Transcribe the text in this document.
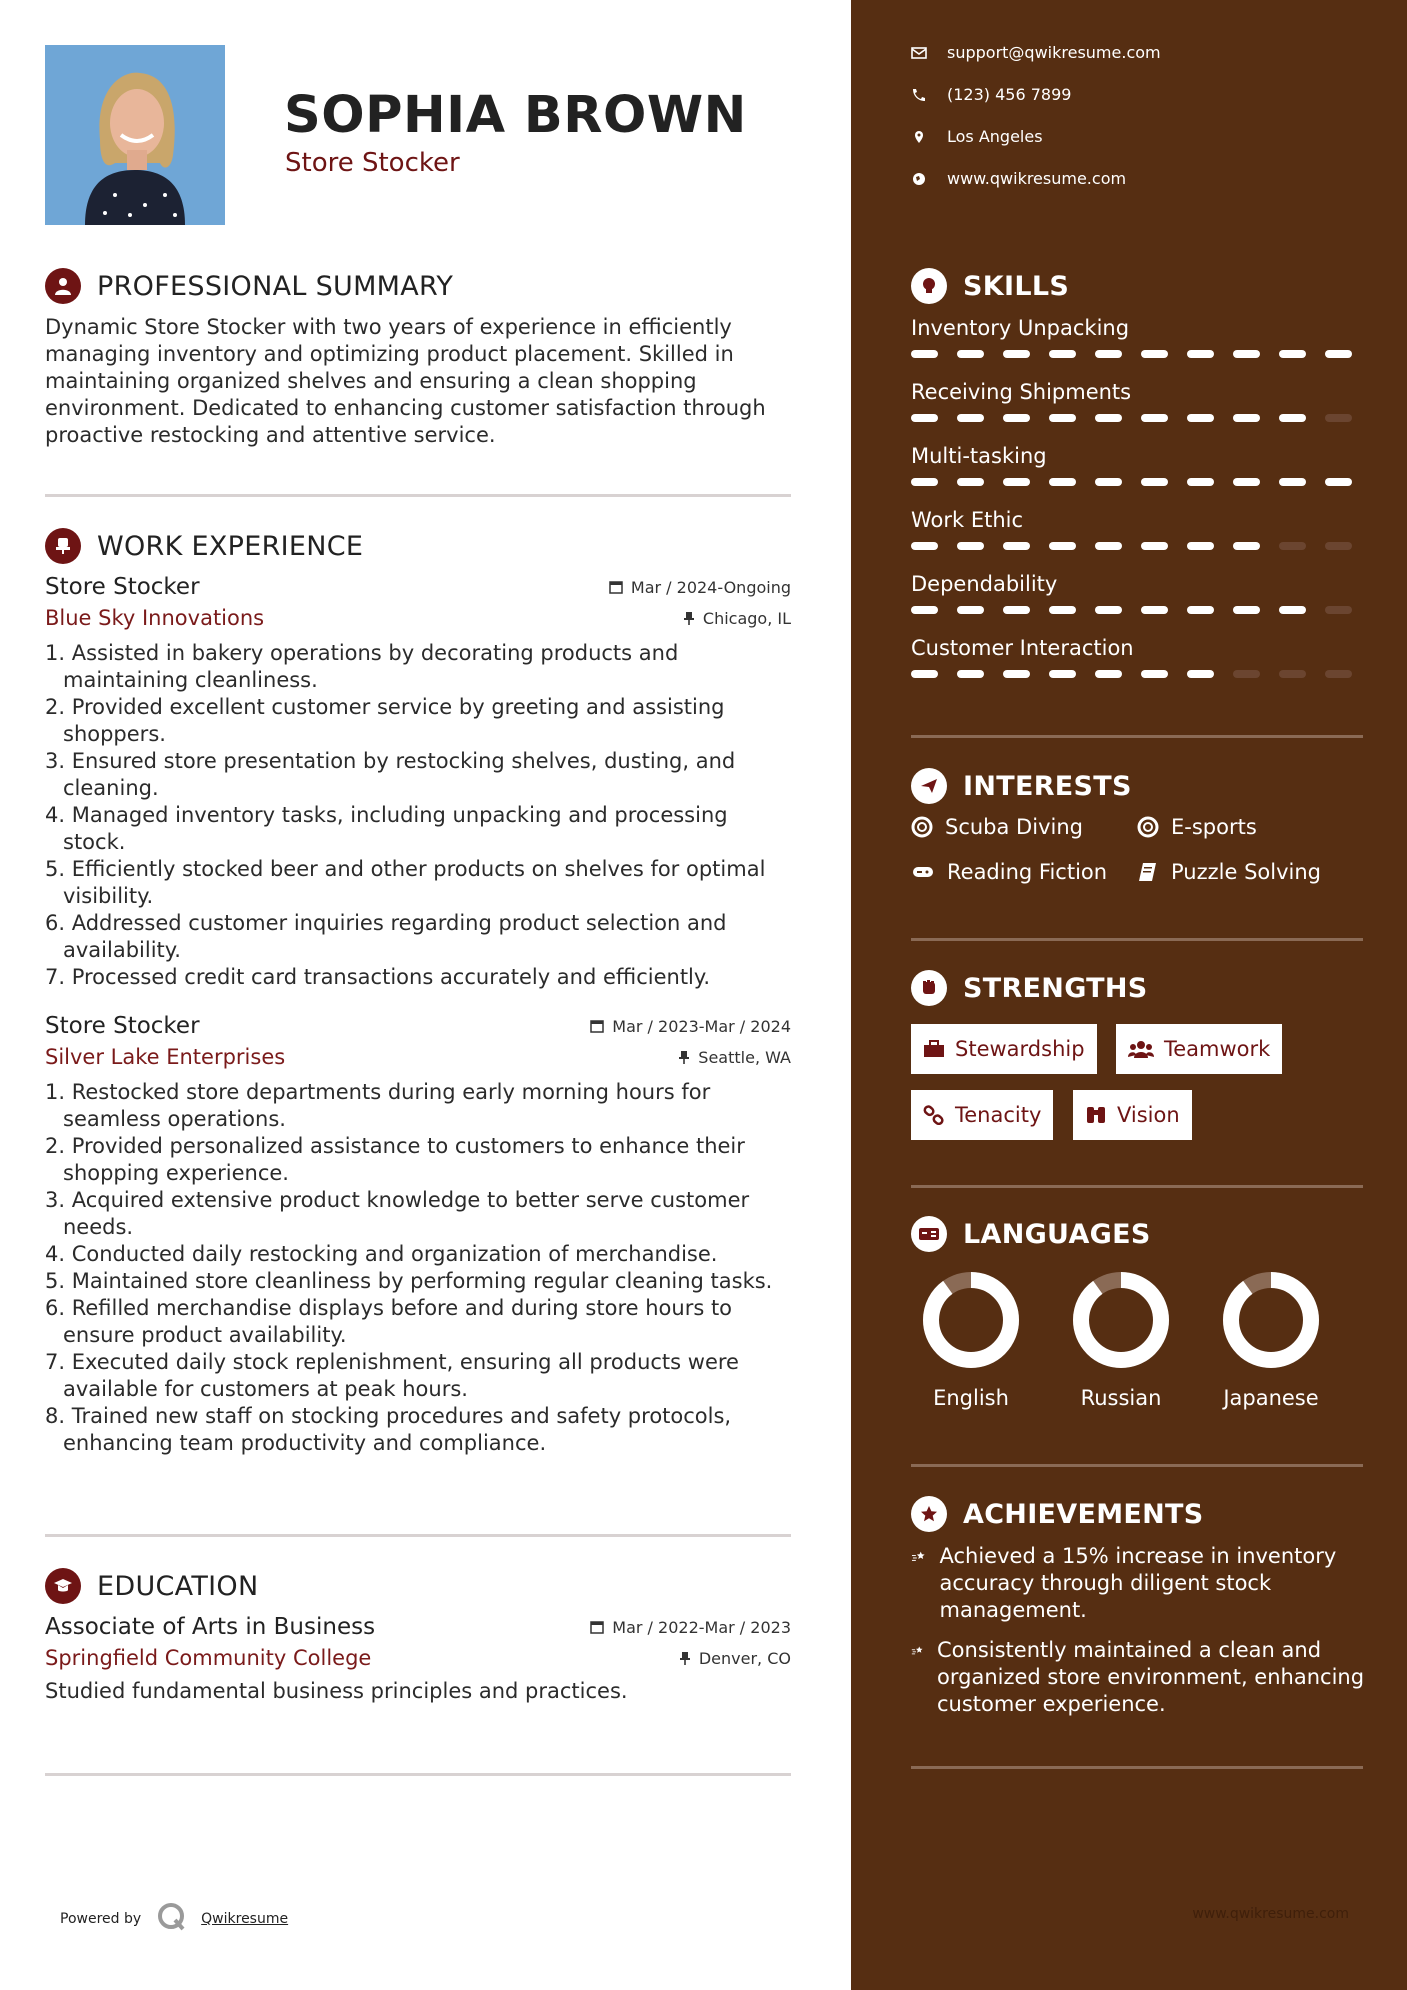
SOPHIA BROWN
Store Stocker
PROFESSIONAL SUMMARY

Dynamic Store Stocker with two years of experience in efficiently managing inventory and optimizing product placement. Skilled in maintaining organized shelves and ensuring a clean shopping environment. Dedicated to enhancing customer satisfaction through proactive restocking and attentive service.

WORK EXPERIENCE
Store Stocker	Mar / 2024-Ongoing
Blue Sky Innovations	Chicago, IL
1. Assisted in bakery operations by decorating products and maintaining cleanliness.
2. Provided excellent customer service by greeting and assisting shoppers.
3. Ensured store presentation by restocking shelves, dusting, and cleaning.
4. Managed inventory tasks, including unpacking and processing stock.
5. Efficiently stocked beer and other products on shelves for optimal visibility.
6. Addressed customer inquiries regarding product selection and availability.
7. Processed credit card transactions accurately and efficiently.
Store Stocker	Mar / 2023-Mar / 2024
Silver Lake Enterprises	Seattle, WA
1. Restocked store departments during early morning hours for seamless operations.
2. Provided personalized assistance to customers to enhance their shopping experience.
3. Acquired extensive product knowledge to better serve customer needs.
4. Conducted daily restocking and organization of merchandise.
5. Maintained store cleanliness by performing regular cleaning tasks.
6. Refilled merchandise displays before and during store hours to ensure product availability.
7. Executed daily stock replenishment, ensuring all products were available for customers at peak hours.
8. Trained new staff on stocking procedures and safety protocols, enhancing team productivity and compliance.
EDUCATION
Associate of Arts in Business	Mar / 2022-Mar / 2023
Springfield Community College	Denver, CO

Studied fundamental business principles and practices.

Powered by	Qwikresume
support@qwikresume.com
(123) 456 7899
Los Angeles
www.qwikresume.com
SKILLS
Inventory Unpacking
Receiving Shipments
Multi-tasking
Work Ethic
Dependability
Customer Interaction
INTERESTS
Scuba Diving	E-sports
Reading Fiction	Puzzle Solving
STRENGTHS
Stewardship	Teamwork
Tenacity	Vision
LANGUAGES
English	Russian	Japanese
ACHIEVEMENTS
Achieved a 15% increase in inventory accuracy through diligent stock management.
Consistently maintained a clean and organized store environment, enhancing customer experience.
www.qwikresume.com
